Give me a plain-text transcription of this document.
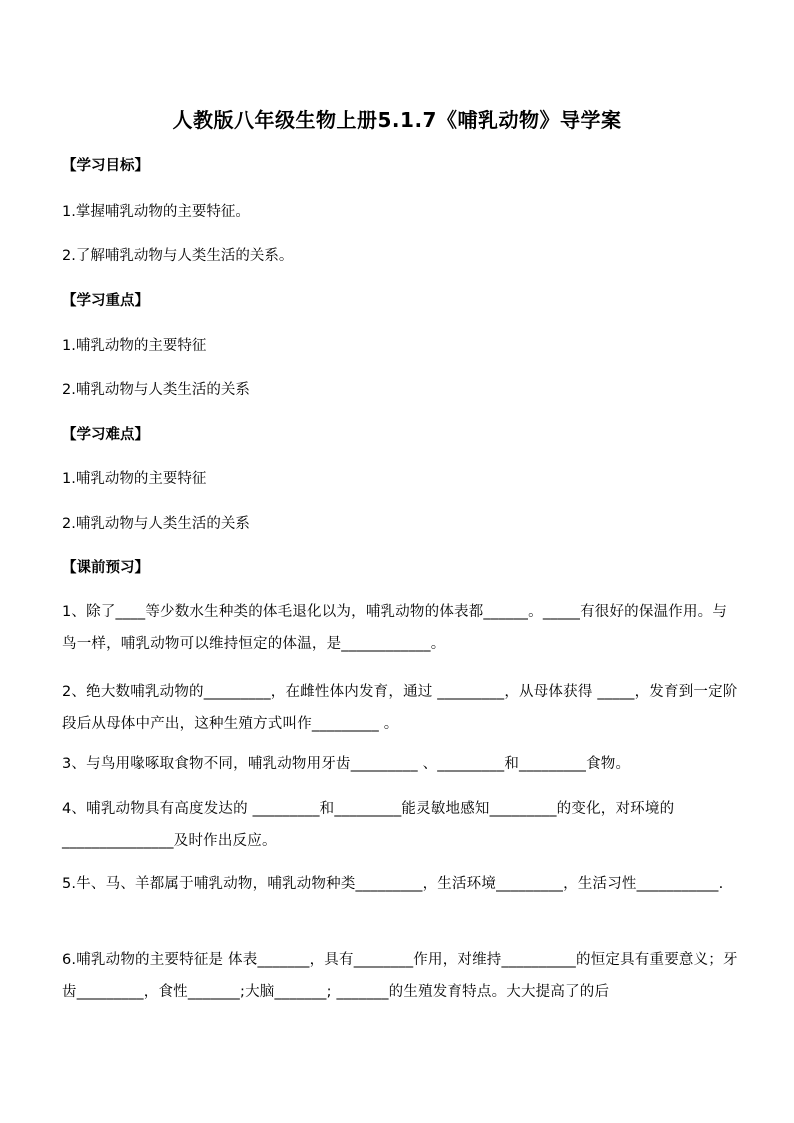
人教版八年级生物上册5.1.7《哺乳动物》导学案
【学习目标】
1.掌握哺乳动物的主要特征。
2.了解哺乳动物与人类生活的关系。
【学习重点】
1.哺乳动物的主要特征
2.哺乳动物与人类生活的关系
【学习难点】
1.哺乳动物的主要特征
2.哺乳动物与人类生活的关系
【课前预习】
1、除了____等少数水生种类的体毛退化以为，哺乳动物的体表都______。_____有很好的保温作用。与鸟一样，哺乳动物可以维持恒定的体温，是____________。
2、绝大数哺乳动物的_________，在雌性体内发育，通过 _________，从母体获得 _____，发育到一定阶段后从母体中产出，这种生殖方式叫作_________ 。
3、与鸟用喙啄取食物不同，哺乳动物用牙齿_________ 、_________和_________食物。
4、哺乳动物具有高度发达的 _________和_________能灵敏地感知_________的变化，对环境的_______________及时作出反应。
5.牛、马、羊都属于哺乳动物，哺乳动物种类_________，生活环境_________，生活习性___________.
6.哺乳动物的主要特征是 体表_______，具有________作用，对维持__________的恒定具有重要意义；牙齿_________，食性_______;大脑_______; _______的生殖发育特点。大大提高了的后
